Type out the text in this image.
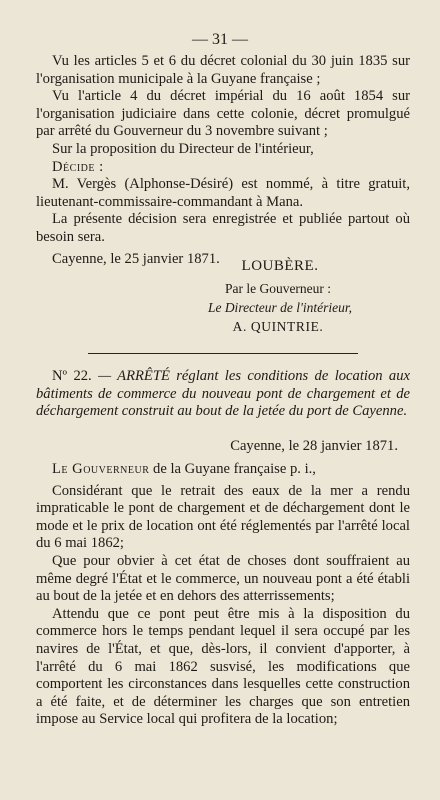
— 31 —

Vu les articles 5 et 6 du décret colonial du 30 juin 1835 sur l'organisation municipale à la Guyane française ;

Vu l'article 4 du décret impérial du 16 août 1854 sur l'organisation judiciaire dans cette colonie, décret promulgué par arrêté du Gouverneur du 3 novembre suivant ;

Sur la proposition du Directeur de l'intérieur,

Décide :

M. Vergès (Alphonse-Désiré) est nommé, à titre gratuit, lieutenant-commissaire-commandant à Mana.

La présente décision sera enregistrée et publiée partout où besoin sera.

Cayenne, le 25 janvier 1871.	LOUBÈRE.
Par le Gouverneur :
Le Directeur de l'intérieur,
A. QUINTRIE.

Nº 22. — ARRÊTÉ réglant les conditions de location aux bâtiments de commerce du nouveau pont de chargement et de déchargement construit au bout de la jetée du port de Cayenne.

Cayenne, le 28 janvier 1871.

Le Gouverneur de la Guyane française p. i.,

Considérant que le retrait des eaux de la mer a rendu impraticable le pont de chargement et de déchargement dont le mode et le prix de location ont été réglementés par l'arrêté local du 6 mai 1862;

Que pour obvier à cet état de choses dont souffraient au même degré l'État et le commerce, un nouveau pont a été établi au bout de la jetée et en dehors des atterrissements;

Attendu que ce pont peut être mis à la disposition du commerce hors le temps pendant lequel il sera occupé par les navires de l'État, et que, dès-lors, il convient d'apporter, à l'arrêté du 6 mai 1862 susvisé, les modifications que comportent les circonstances dans lesquelles cette construction a été faite, et de déterminer les charges que son entretien impose au Service local qui profitera de la location;
